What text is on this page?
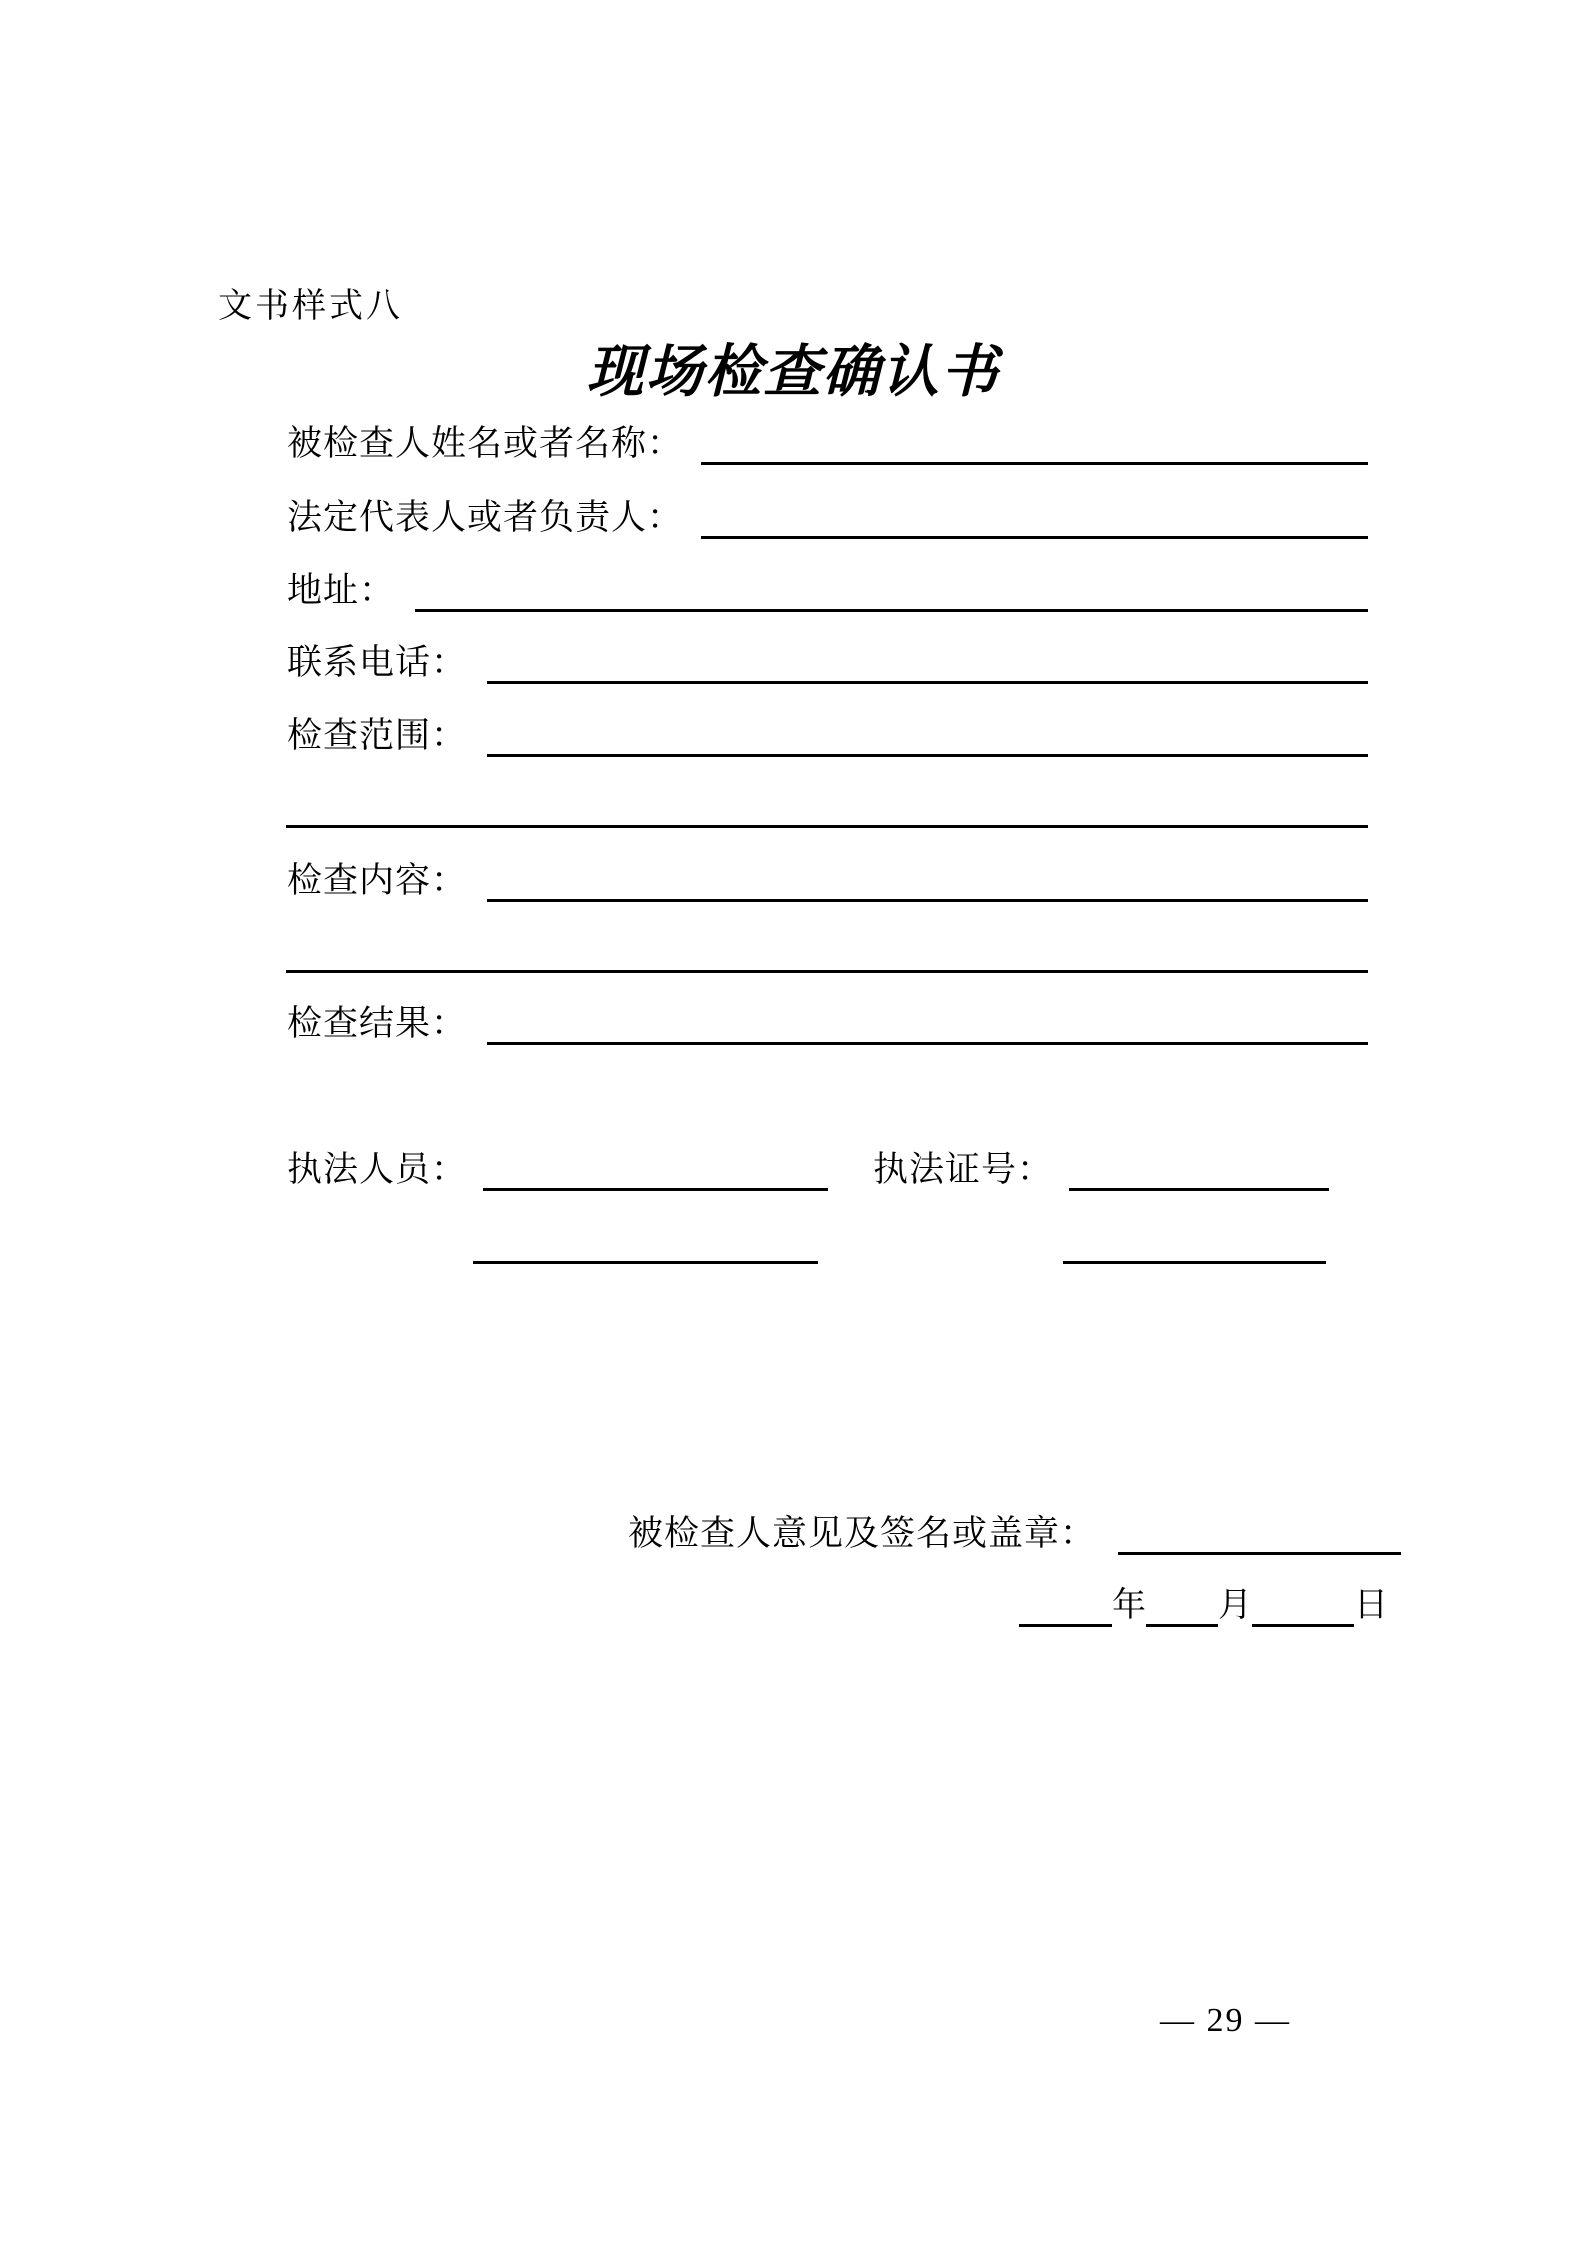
文书样式八
现场检查确认书
被检查人姓名或者名称：
法定代表人或者负责人：
地址：
联系电话：
检查范围：
检查内容：
检查结果：
执法人员：	执法证号：
被检查人意见及签名或盖章：
年 月	日
— 29 —
